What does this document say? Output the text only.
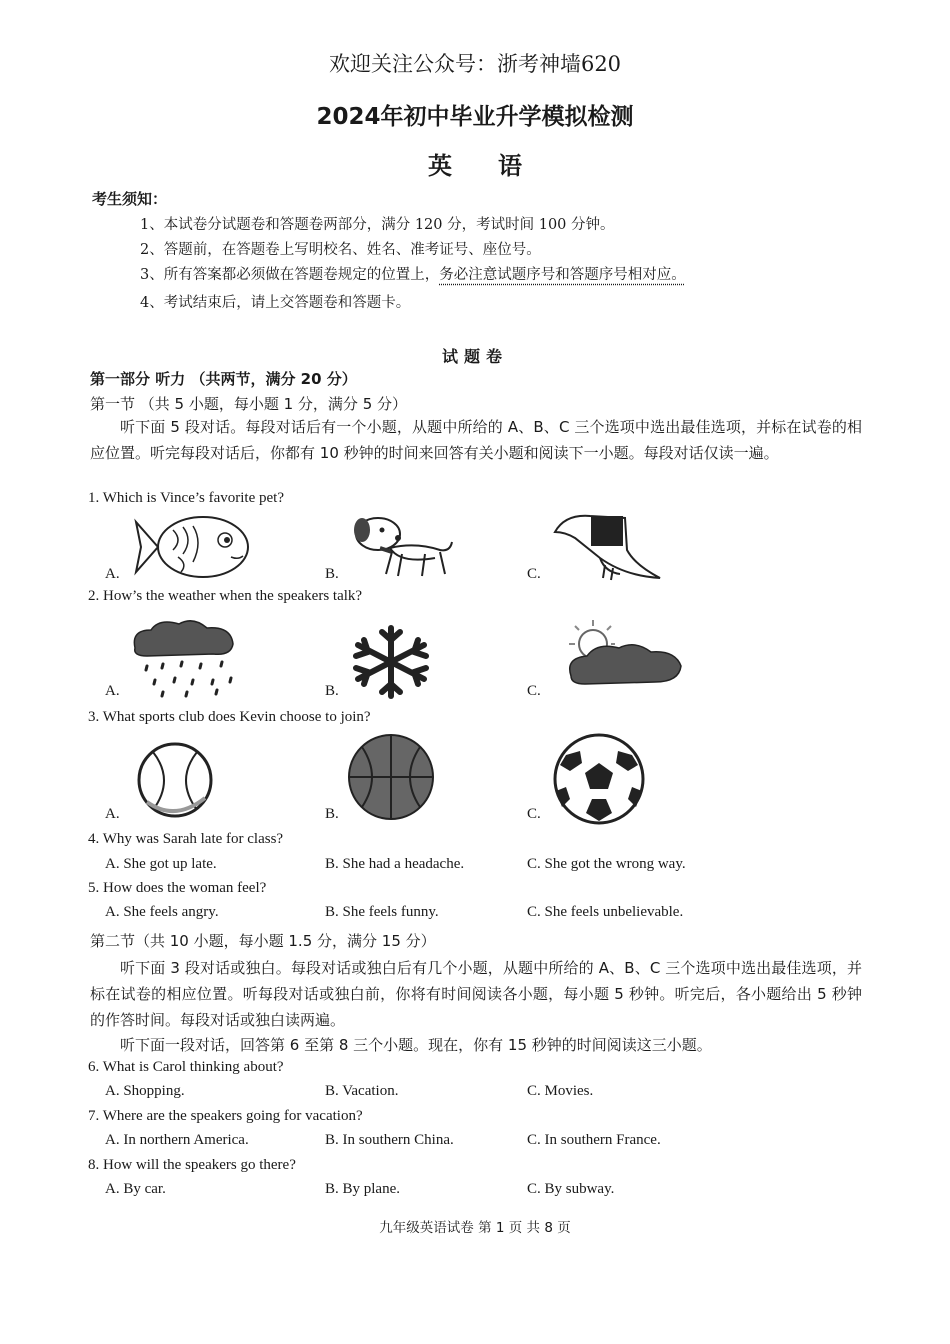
欢迎关注公众号：浙考神墙620
2024年初中毕业升学模拟检测
英语
考生须知：
1、本试卷分试题卷和答题卷两部分，满分 120 分，考试时间 100 分钟。
2、答题前，在答题卷上写明校名、姓名、准考证号、座位号。
3、所有答案都必须做在答题卷规定的位置上，务必注意试题序号和答题序号相对应。
4、考试结束后，请上交答题卷和答题卡。
试题卷
第一部分 听力 （共两节，满分 20 分）
第一节 （共 5 小题，每小题 1 分，满分 5 分）
听下面 5 段对话。每段对话后有一个小题，从题中所给的 A、B、C 三个选项中选出最佳选项，并标在试卷的相应位置。听完每段对话后，你都有 10 秒钟的时间来回答有关小题和阅读下一小题。每段对话仅读一遍。
1. Which is Vince’s favorite pet?
A.	B.	C.
2. How’s the weather when the speakers talk?
A.	B.	C.
3. What sports club does Kevin choose to join?
A.	B.	C.
4. Why was Sarah late for class?
A. She got up late.	B. She had a headache.	C. She got the wrong way.
5. How does the woman feel?
A. She feels angry.	B. She feels funny.	C. She feels unbelievable.
第二节（共 10 小题，每小题 1.5 分，满分 15 分）
听下面 3 段对话或独白。每段对话或独白后有几个小题，从题中所给的 A、B、C 三个选项中选出最佳选项，并标在试卷的相应位置。听每段对话或独白前，你将有时间阅读各小题，每小题 5 秒钟。听完后，各小题给出 5 秒钟的作答时间。每段对话或独白读两遍。
听下面一段对话，回答第 6 至第 8 三个小题。现在，你有 15 秒钟的时间阅读这三小题。
6. What is Carol thinking about?
A. Shopping.	B. Vacation.	C. Movies.
7. Where are the speakers going for vacation?
A. In northern America.	B. In southern China.	C. In southern France.
8. How will the speakers go there?
A. By car.	B. By plane.	C. By subway.
九年级英语试卷 第 1 页 共 8 页
